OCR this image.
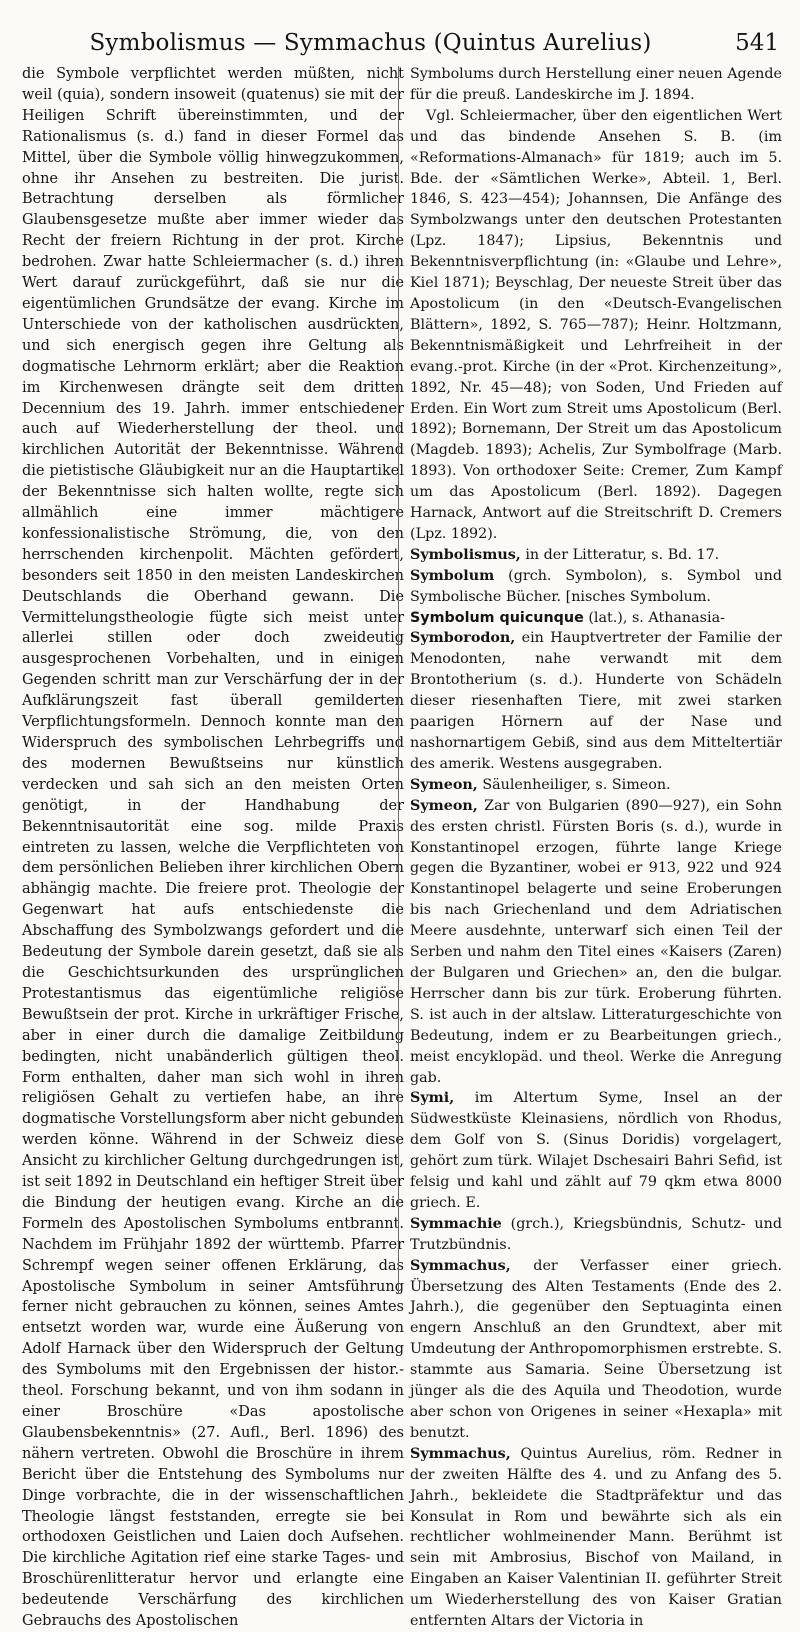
Symbolismus — Symmachus (Quintus Aurelius)	541

die Symbole verpflichtet werden müßten, nicht weil (quia), sondern insoweit (quatenus) sie mit der Heiligen Schrift übereinstimmten, und der Rationalismus (s. d.) fand in dieser Formel das Mittel, über die Symbole völlig hinwegzukommen, ohne ihr Ansehen zu bestreiten. Die jurist. Betrachtung derselben als förmlicher Glaubensgesetze mußte aber immer wieder das Recht der freiern Richtung in der prot. Kirche bedrohen. Zwar hatte Schleiermacher (s. d.) ihren Wert darauf zurückgeführt, daß sie nur die eigentümlichen Grundsätze der evang. Kirche im Unterschiede von der katholischen ausdrückten, und sich energisch gegen ihre Geltung als dogmatische Lehrnorm erklärt; aber die Reaktion im Kirchenwesen drängte seit dem dritten Decennium des 19. Jahrh. immer entschiedener auch auf Wiederherstellung der theol. und kirchlichen Autorität der Bekenntnisse. Während die pietistische Gläubigkeit nur an die Hauptartikel der Bekenntnisse sich halten wollte, regte sich allmählich eine immer mächtigere konfessionalistische Strömung, die, von den herrschenden kirchenpolit. Mächten gefördert, besonders seit 1850 in den meisten Landeskirchen Deutschlands die Oberhand gewann. Die Vermittelungstheologie fügte sich meist unter allerlei stillen oder doch zweideutig ausgesprochenen Vorbehalten, und in einigen Gegenden schritt man zur Verschärfung der in der Aufklärungszeit fast überall gemilderten Verpflichtungsformeln. Dennoch konnte man den Widerspruch des symbolischen Lehrbegriffs und des modernen Bewußtseins nur künstlich verdecken und sah sich an den meisten Orten genötigt, in der Handhabung der Bekenntnisautorität eine sog. milde Praxis eintreten zu lassen, welche die Verpflichteten von dem persönlichen Belieben ihrer kirchlichen Obern abhängig machte. Die freiere prot. Theologie der Gegenwart hat aufs entschiedenste die Abschaffung des Symbolzwangs gefordert und die Bedeutung der Symbole darein gesetzt, daß sie als die Geschichtsurkunden des ursprünglichen Protestantismus das eigentümliche religiöse Bewußtsein der prot. Kirche in urkräftiger Frische, aber in einer durch die damalige Zeitbildung bedingten, nicht unabänderlich gültigen theol. Form enthalten, daher man sich wohl in ihren religiösen Gehalt zu vertiefen habe, an ihre dogmatische Vorstellungsform aber nicht gebunden werden könne. Während in der Schweiz diese Ansicht zu kirchlicher Geltung durchgedrungen ist, ist seit 1892 in Deutschland ein heftiger Streit über die Bindung der heutigen evang. Kirche an die Formeln des Apostolischen Symbolums entbrannt. Nachdem im Frühjahr 1892 der württemb. Pfarrer Schrempf wegen seiner offenen Erklärung, das Apostolische Symbolum in seiner Amtsführung ferner nicht gebrauchen zu können, seines Amtes entsetzt worden war, wurde eine Äußerung von Adolf Harnack über den Widerspruch der Geltung des Symbolums mit den Ergebnissen der histor.-theol. Forschung bekannt, und von ihm sodann in einer Broschüre «Das apostolische Glaubensbekenntnis» (27. Aufl., Berl. 1896) des nähern vertreten. Obwohl die Broschüre in ihrem Bericht über die Entstehung des Symbolums nur Dinge vorbrachte, die in der wissenschaftlichen Theologie längst feststanden, erregte sie bei orthodoxen Geistlichen und Laien doch Aufsehen. Die kirchliche Agitation rief eine starke Tages- und Broschürenlitteratur hervor und erlangte eine bedeutende Verschärfung des kirchlichen Gebrauchs des Apostolischen

Symbolums durch Herstellung einer neuen Agende für die preuß. Landeskirche im J. 1894.

Vgl. Schleiermacher, über den eigentlichen Wert und das bindende Ansehen S. B. (im «Reformations-Almanach» für 1819; auch im 5. Bde. der «Sämtlichen Werke», Abteil. 1, Berl. 1846, S. 423—454); Johannsen, Die Anfänge des Symbolzwangs unter den deutschen Protestanten (Lpz. 1847); Lipsius, Bekenntnis und Bekenntnisverpflichtung (in: «Glaube und Lehre», Kiel 1871); Beyschlag, Der neueste Streit über das Apostolicum (in den «Deutsch-Evangelischen Blättern», 1892, S. 765—787); Heinr. Holtzmann, Bekenntnismäßigkeit und Lehrfreiheit in der evang.-prot. Kirche (in der «Prot. Kirchenzeitung», 1892, Nr. 45—48); von Soden, Und Frieden auf Erden. Ein Wort zum Streit ums Apostolicum (Berl. 1892); Bornemann, Der Streit um das Apostolicum (Magdeb. 1893); Achelis, Zur Symbolfrage (Marb. 1893). Von orthodoxer Seite: Cremer, Zum Kampf um das Apostolicum (Berl. 1892). Dagegen Harnack, Antwort auf die Streitschrift D. Cremers (Lpz. 1892).

Symbolismus, in der Litteratur, s. Bd. 17.

Symbolum (grch. Symbolon), s. Symbol und Symbolische Bücher. [nisches Symbolum.

Symbolum quicunque (lat.), s. Athanasia-

Symborodon, ein Hauptvertreter der Familie der Menodonten, nahe verwandt mit dem Brontotherium (s. d.). Hunderte von Schädeln dieser riesenhaften Tiere, mit zwei starken paarigen Hörnern auf der Nase und nashornartigem Gebiß, sind aus dem Mitteltertiär des amerik. Westens ausgegraben.

Symeon, Säulenheiliger, s. Simeon.

Symeon, Zar von Bulgarien (890—927), ein Sohn des ersten christl. Fürsten Boris (s. d.), wurde in Konstantinopel erzogen, führte lange Kriege gegen die Byzantiner, wobei er 913, 922 und 924 Konstantinopel belagerte und seine Eroberungen bis nach Griechenland und dem Adriatischen Meere ausdehnte, unterwarf sich einen Teil der Serben und nahm den Titel eines «Kaisers (Zaren) der Bulgaren und Griechen» an, den die bulgar. Herrscher dann bis zur türk. Eroberung führten. S. ist auch in der altslaw. Litteraturgeschichte von Bedeutung, indem er zu Bearbeitungen griech., meist encyklopäd. und theol. Werke die Anregung gab.

Symi, im Altertum Syme, Insel an der Südwestküste Kleinasiens, nördlich von Rhodus, dem Golf von S. (Sinus Doridis) vorgelagert, gehört zum türk. Wilajet Dschesairi Bahri Sefid, ist felsig und kahl und zählt auf 79 qkm etwa 8000 griech. E.

Symmachie (grch.), Kriegsbündnis, Schutz- und Trutzbündnis.

Symmachus, der Verfasser einer griech. Übersetzung des Alten Testaments (Ende des 2. Jahrh.), die gegenüber den Septuaginta einen engern Anschluß an den Grundtext, aber mit Umdeutung der Anthropomorphismen erstrebte. S. stammte aus Samaria. Seine Übersetzung ist jünger als die des Aquila und Theodotion, wurde aber schon von Origenes in seiner «Hexapla» mit benutzt.

Symmachus, Quintus Aurelius, röm. Redner in der zweiten Hälfte des 4. und zu Anfang des 5. Jahrh., bekleidete die Stadtpräfektur und das Konsulat in Rom und bewährte sich als ein rechtlicher wohlmeinender Mann. Berühmt ist sein mit Ambrosius, Bischof von Mailand, in Eingaben an Kaiser Valentinian II. geführter Streit um Wiederherstellung des von Kaiser Gratian entfernten Altars der Victoria in
